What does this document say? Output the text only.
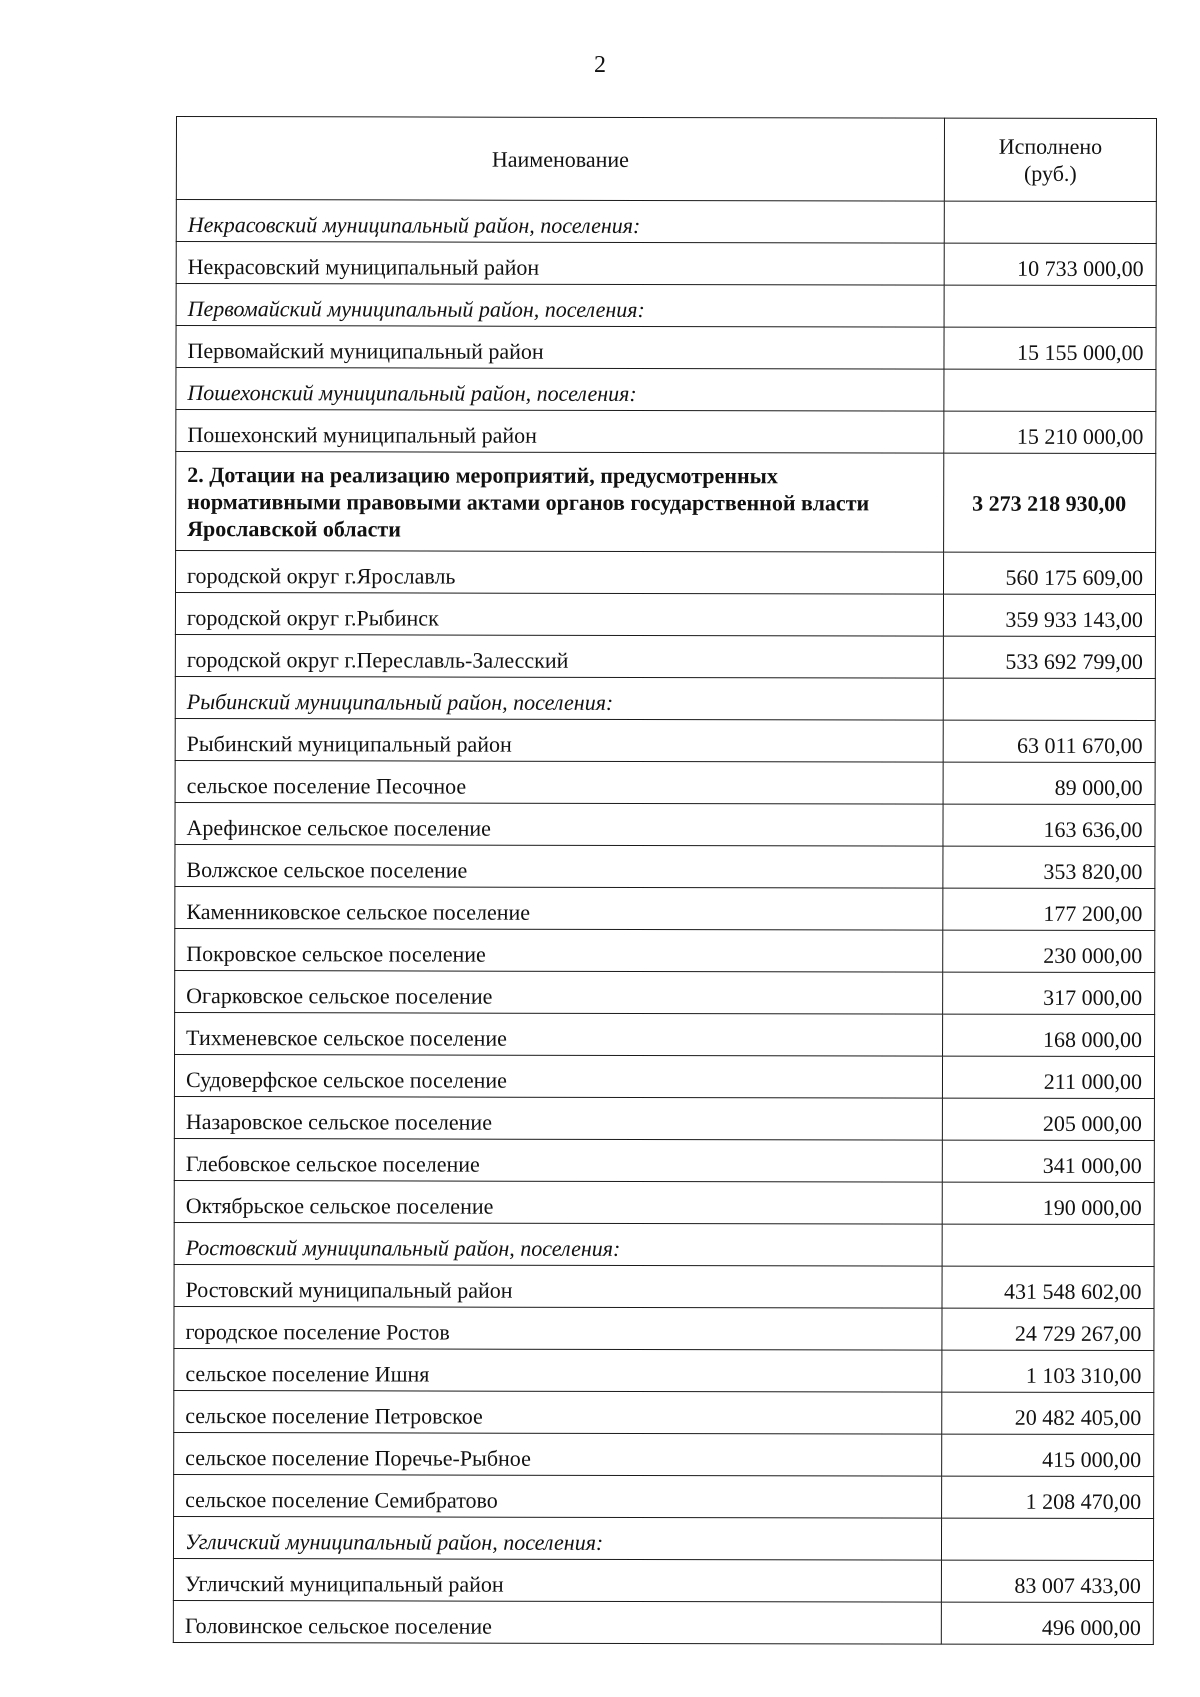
2
Наименование	Исполнено
(руб.)
Некрасовский муниципальный район, поселения:	
Некрасовский муниципальный район	10 733 000,00
Первомайский муниципальный район, поселения:	
Первомайский муниципальный район	15 155 000,00
Пошехонский муниципальный район, поселения:	
Пошехонский муниципальный район	15 210 000,00
2. Дотации на реализацию мероприятий, предусмотренных нормативными правовыми актами органов государственной власти Ярославской области	3 273 218 930,00
городской округ г.Ярославль	560 175 609,00
городской округ г.Рыбинск	359 933 143,00
городской округ г.Переславль-Залесский	533 692 799,00
Рыбинский муниципальный район, поселения:	
Рыбинский муниципальный район	63 011 670,00
сельское поселение Песочное	89 000,00
Арефинское сельское поселение	163 636,00
Волжское сельское поселение	353 820,00
Каменниковское сельское поселение	177 200,00
Покровское сельское поселение	230 000,00
Огарковское сельское поселение	317 000,00
Тихменевское сельское поселение	168 000,00
Судоверфское сельское поселение	211 000,00
Назаровское сельское поселение	205 000,00
Глебовское сельское поселение	341 000,00
Октябрьское сельское поселение	190 000,00
Ростовский муниципальный район, поселения:	
Ростовский муниципальный район	431 548 602,00
городское поселение Ростов	24 729 267,00
сельское поселение Ишня	1 103 310,00
сельское поселение Петровское	20 482 405,00
сельское поселение Поречье-Рыбное	415 000,00
сельское поселение Семибратово	1 208 470,00
Угличский муниципальный район, поселения:	
Угличский муниципальный район	83 007 433,00
Головинское сельское поселение	496 000,00
